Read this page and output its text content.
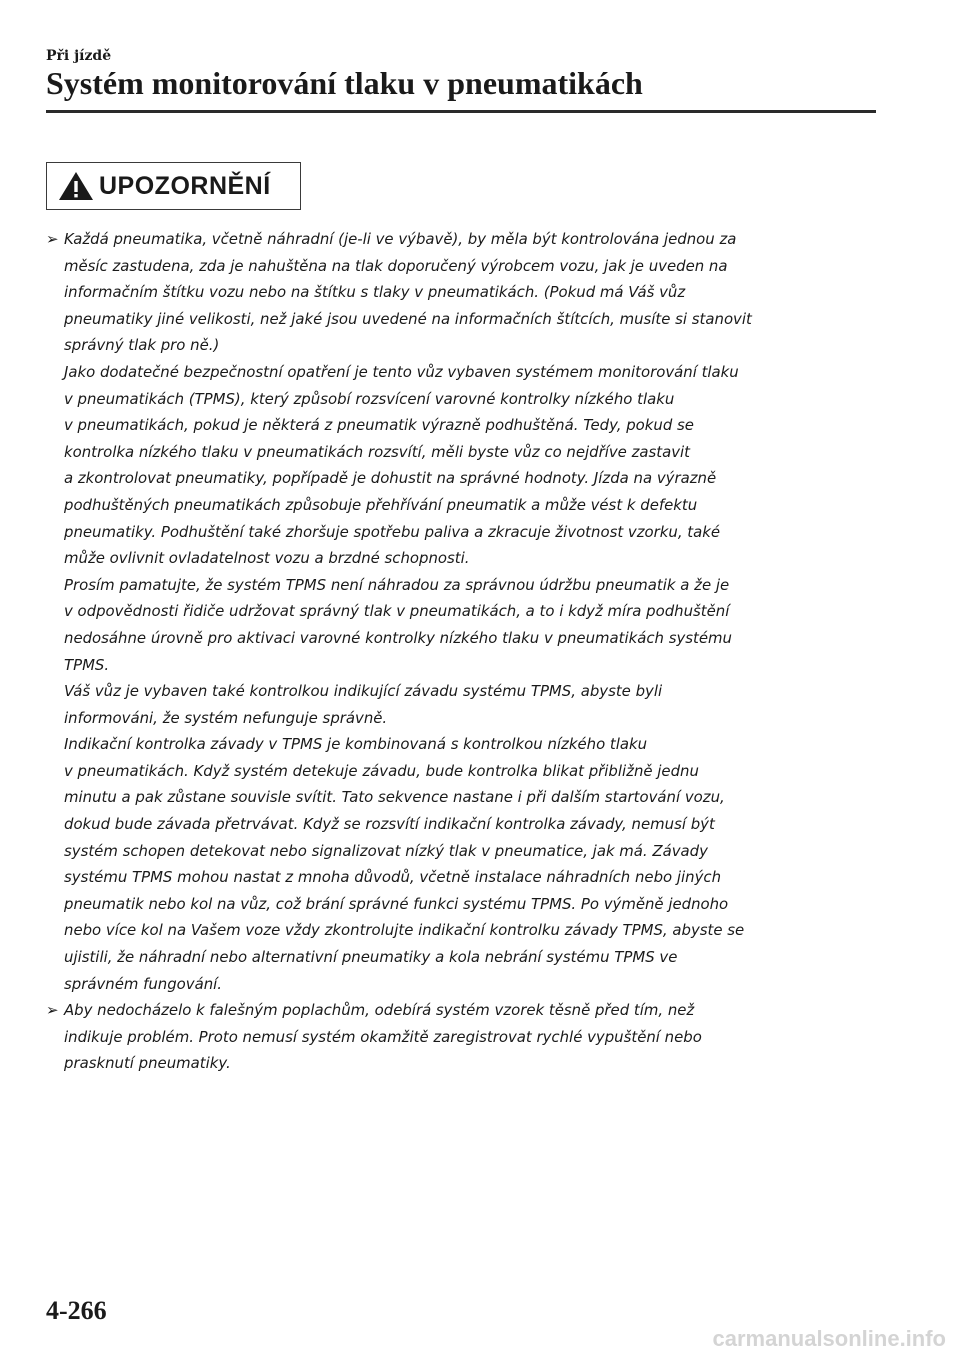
Při jízdě
Systém monitorování tlaku v pneumatikách
UPOZORNĚNÍ
➢ Každá pneumatika, včetně náhradní (je-li ve výbavě), by měla být kontrolována jednou za
měsíc zastudena, zda je nahuštěna na tlak doporučený výrobcem vozu, jak je uveden na
informačním štítku vozu nebo na štítku s tlaky v pneumatikách. (Pokud má Váš vůz
pneumatiky jiné velikosti, než jaké jsou uvedené na informačních štítcích, musíte si stanovit
správný tlak pro ně.)
Jako dodatečné bezpečnostní opatření je tento vůz vybaven systémem monitorování tlaku
v pneumatikách (TPMS), který způsobí rozsvícení varovné kontrolky nízkého tlaku
v pneumatikách, pokud je některá z pneumatik výrazně podhuštěná. Tedy, pokud se
kontrolka nízkého tlaku v pneumatikách rozsvítí, měli byste vůz co nejdříve zastavit
a zkontrolovat pneumatiky, popřípadě je dohustit na správné hodnoty. Jízda na výrazně
podhuštěných pneumatikách způsobuje přehřívání pneumatik a může vést k defektu
pneumatiky. Podhuštění také zhoršuje spotřebu paliva a zkracuje životnost vzorku, také
může ovlivnit ovladatelnost vozu a brzdné schopnosti.
Prosím pamatujte, že systém TPMS není náhradou za správnou údržbu pneumatik a že je
v odpovědnosti řidiče udržovat správný tlak v pneumatikách, a to i když míra podhuštění
nedosáhne úrovně pro aktivaci varovné kontrolky nízkého tlaku v pneumatikách systému
TPMS.
Váš vůz je vybaven také kontrolkou indikující závadu systému TPMS, abyste byli
informováni, že systém nefunguje správně.
Indikační kontrolka závady v TPMS je kombinovaná s kontrolkou nízkého tlaku
v pneumatikách. Když systém detekuje závadu, bude kontrolka blikat přibližně jednu
minutu a pak zůstane souvisle svítit. Tato sekvence nastane i při dalším startování vozu,
dokud bude závada přetrvávat. Když se rozsvítí indikační kontrolka závady, nemusí být
systém schopen detekovat nebo signalizovat nízký tlak v pneumatice, jak má. Závady
systému TPMS mohou nastat z mnoha důvodů, včetně instalace náhradních nebo jiných
pneumatik nebo kol na vůz, což brání správné funkci systému TPMS. Po výměně jednoho
nebo více kol na Vašem voze vždy zkontrolujte indikační kontrolku závady TPMS, abyste se
ujistili, že náhradní nebo alternativní pneumatiky a kola nebrání systému TPMS ve
správném fungování.
➢ Aby nedocházelo k falešným poplachům, odebírá systém vzorek těsně před tím, než
indikuje problém. Proto nemusí systém okamžitě zaregistrovat rychlé vypuštění nebo
prasknutí pneumatiky.
4-266
carmanualsonline.info
